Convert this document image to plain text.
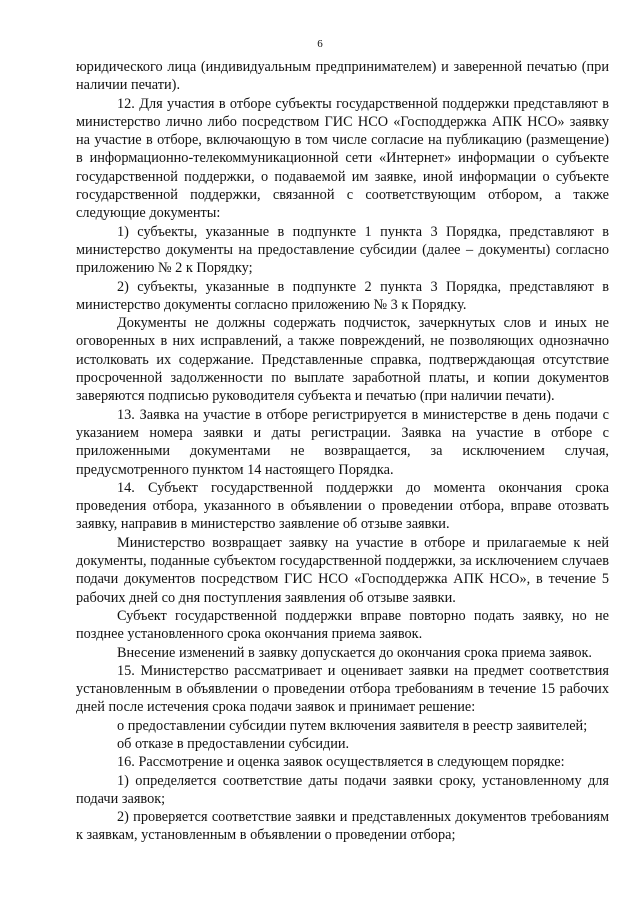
6

юридического лица (индивидуальным предпринимателем) и заверенной печатью (при наличии печати).

12. Для участия в отборе субъекты государственной поддержки представляют в министерство лично либо посредством ГИС НСО «Господдержка АПК НСО» заявку на участие в отборе, включающую в том числе согласие на публикацию (размещение) в информационно-телекоммуникационной сети «Интернет» информации о субъекте государственной поддержки, о подаваемой им заявке, иной информации о субъекте государственной поддержки, связанной с соответствующим отбором, а также следующие документы:

1) субъекты, указанные в подпункте 1 пункта 3 Порядка, представляют в министерство документы на предоставление субсидии (далее – документы) согласно приложению № 2 к Порядку;

2) субъекты, указанные в подпункте 2 пункта 3 Порядка, представляют в министерство документы согласно приложению № 3 к Порядку.

Документы не должны содержать подчисток, зачеркнутых слов и иных не оговоренных в них исправлений, а также повреждений, не позволяющих однозначно истолковать их содержание. Представленные справка, подтверждающая отсутствие просроченной задолженности по выплате заработной платы, и копии документов заверяются подписью руководителя субъекта и печатью (при наличии печати).

13. Заявка на участие в отборе регистрируется в министерстве в день подачи с указанием номера заявки и даты регистрации. Заявка на участие в отборе с приложенными документами не возвращается, за исключением случая, предусмотренного пунктом 14 настоящего Порядка.

14. Субъект государственной поддержки до момента окончания срока проведения отбора, указанного в объявлении о проведении отбора, вправе отозвать заявку, направив в министерство заявление об отзыве заявки.

Министерство возвращает заявку на участие в отборе и прилагаемые к ней документы, поданные субъектом государственной поддержки, за исключением случаев подачи документов посредством ГИС НСО «Господдержка АПК НСО», в течение 5 рабочих дней со дня поступления заявления об отзыве заявки.

Субъект государственной поддержки вправе повторно подать заявку, но не позднее установленного срока окончания приема заявок.

Внесение изменений в заявку допускается до окончания срока приема заявок.

15. Министерство рассматривает и оценивает заявки на предмет соответствия установленным в объявлении о проведении отбора требованиям в течение 15 рабочих дней после истечения срока подачи заявок и принимает решение:

о предоставлении субсидии путем включения заявителя в реестр заявителей;

об отказе в предоставлении субсидии.

16. Рассмотрение и оценка заявок осуществляется в следующем порядке:

1) определяется соответствие даты подачи заявки сроку, установленному для подачи заявок;

2) проверяется соответствие заявки и представленных документов требованиям к заявкам, установленным в объявлении о проведении отбора;
